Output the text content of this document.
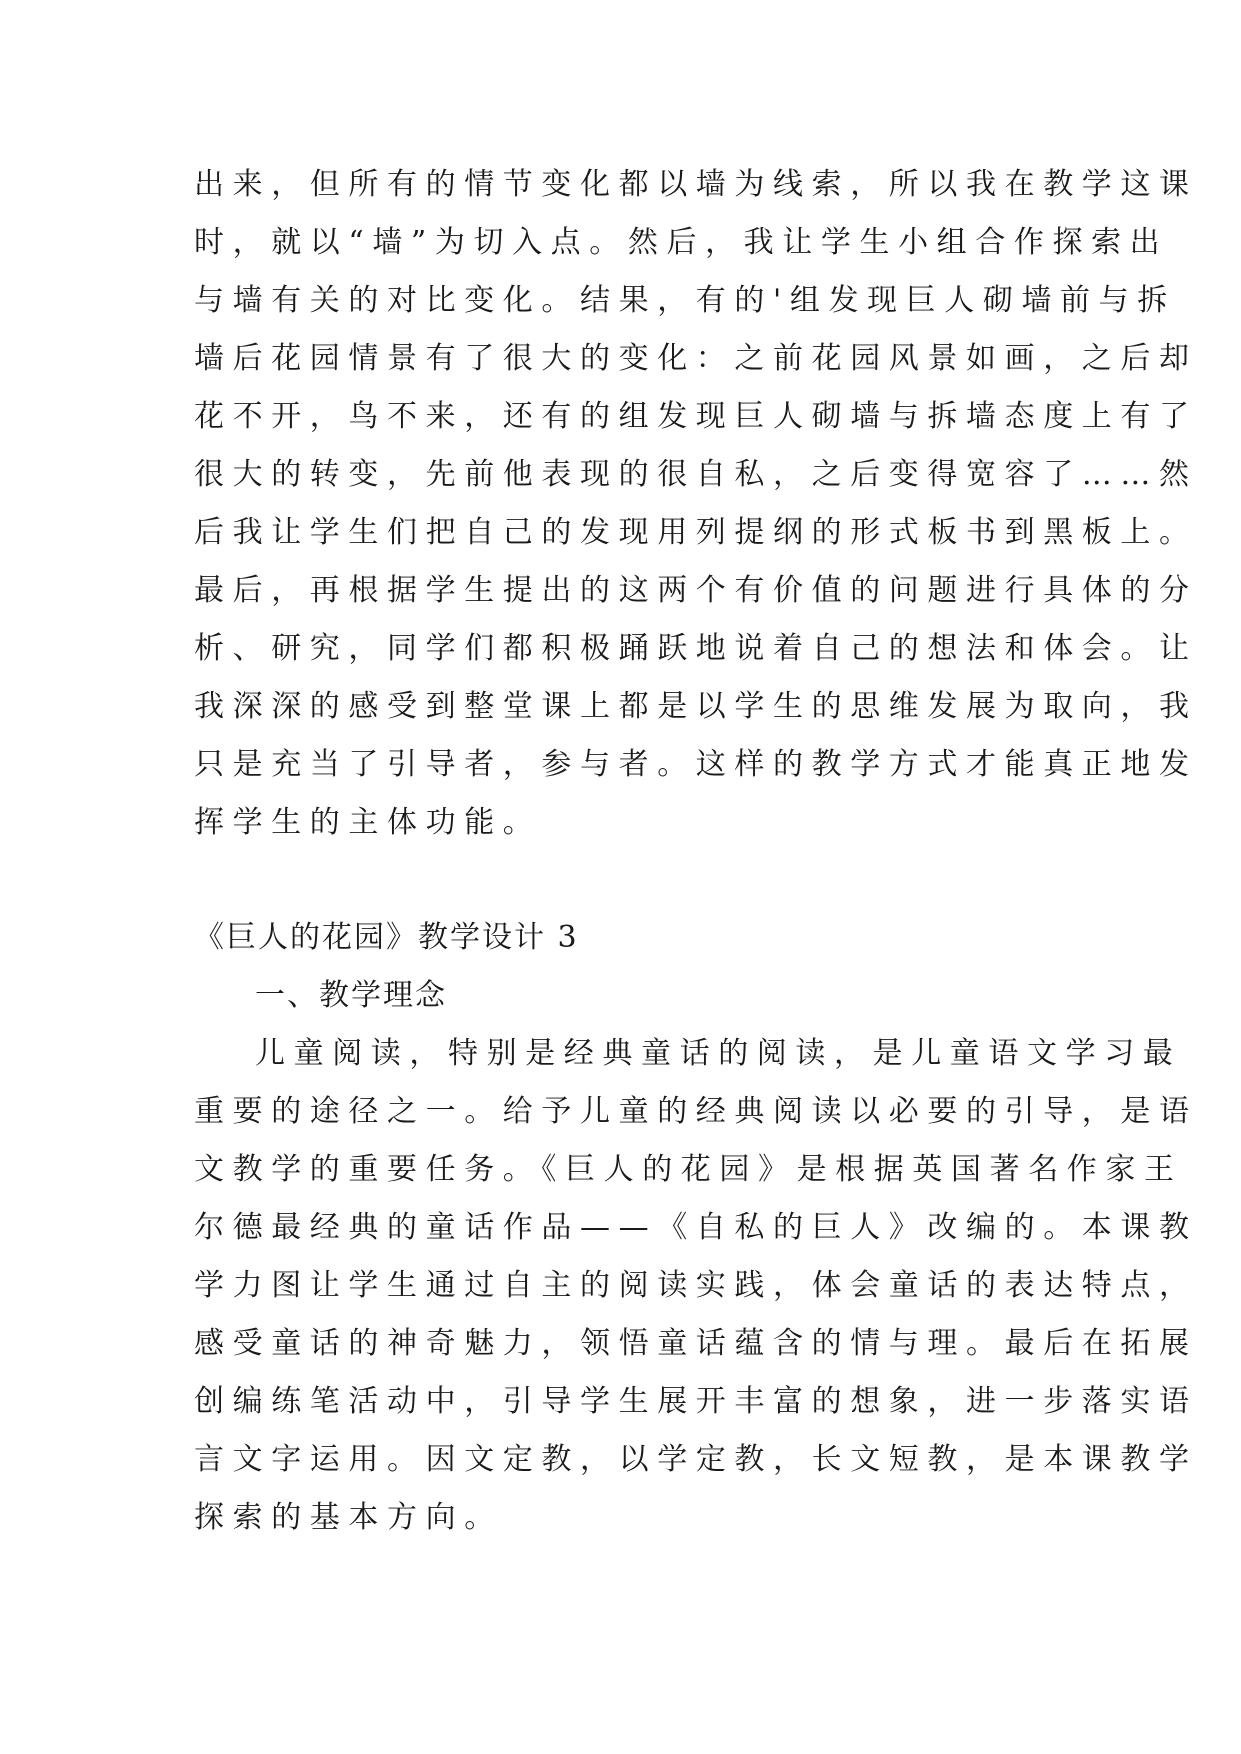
出来，但所有的情节变化都以墙为线索，所以我在教学这课
时，就以“墙”为切入点。然后，我让学生小组合作探索出
与墙有关的对比变化。结果，有的'组发现巨人砌墙前与拆
墙后花园情景有了很大的变化：之前花园风景如画，之后却
花不开，鸟不来，还有的组发现巨人砌墙与拆墙态度上有了
很大的转变，先前他表现的很自私，之后变得宽容了……然
后我让学生们把自己的发现用列提纲的形式板书到黑板上。
最后，再根据学生提出的这两个有价值的问题进行具体的分
析、研究，同学们都积极踊跃地说着自己的想法和体会。让
我深深的感受到整堂课上都是以学生的思维发展为取向，我
只是充当了引导者，参与者。这样的教学方式才能真正地发
挥学生的主体功能。
《巨人的花园》教学设计 3
一、教学理念
儿童阅读，特别是经典童话的阅读，是儿童语文学习最
重要的途径之一。给予儿童的经典阅读以必要的引导，是语
文教学的重要任务。《巨人的花园》是根据英国著名作家王
尔德最经典的童话作品——《自私的巨人》改编的。本课教
学力图让学生通过自主的阅读实践，体会童话的表达特点，
感受童话的神奇魅力，领悟童话蕴含的情与理。最后在拓展
创编练笔活动中，引导学生展开丰富的想象，进一步落实语
言文字运用。因文定教，以学定教，长文短教，是本课教学
探索的基本方向。
